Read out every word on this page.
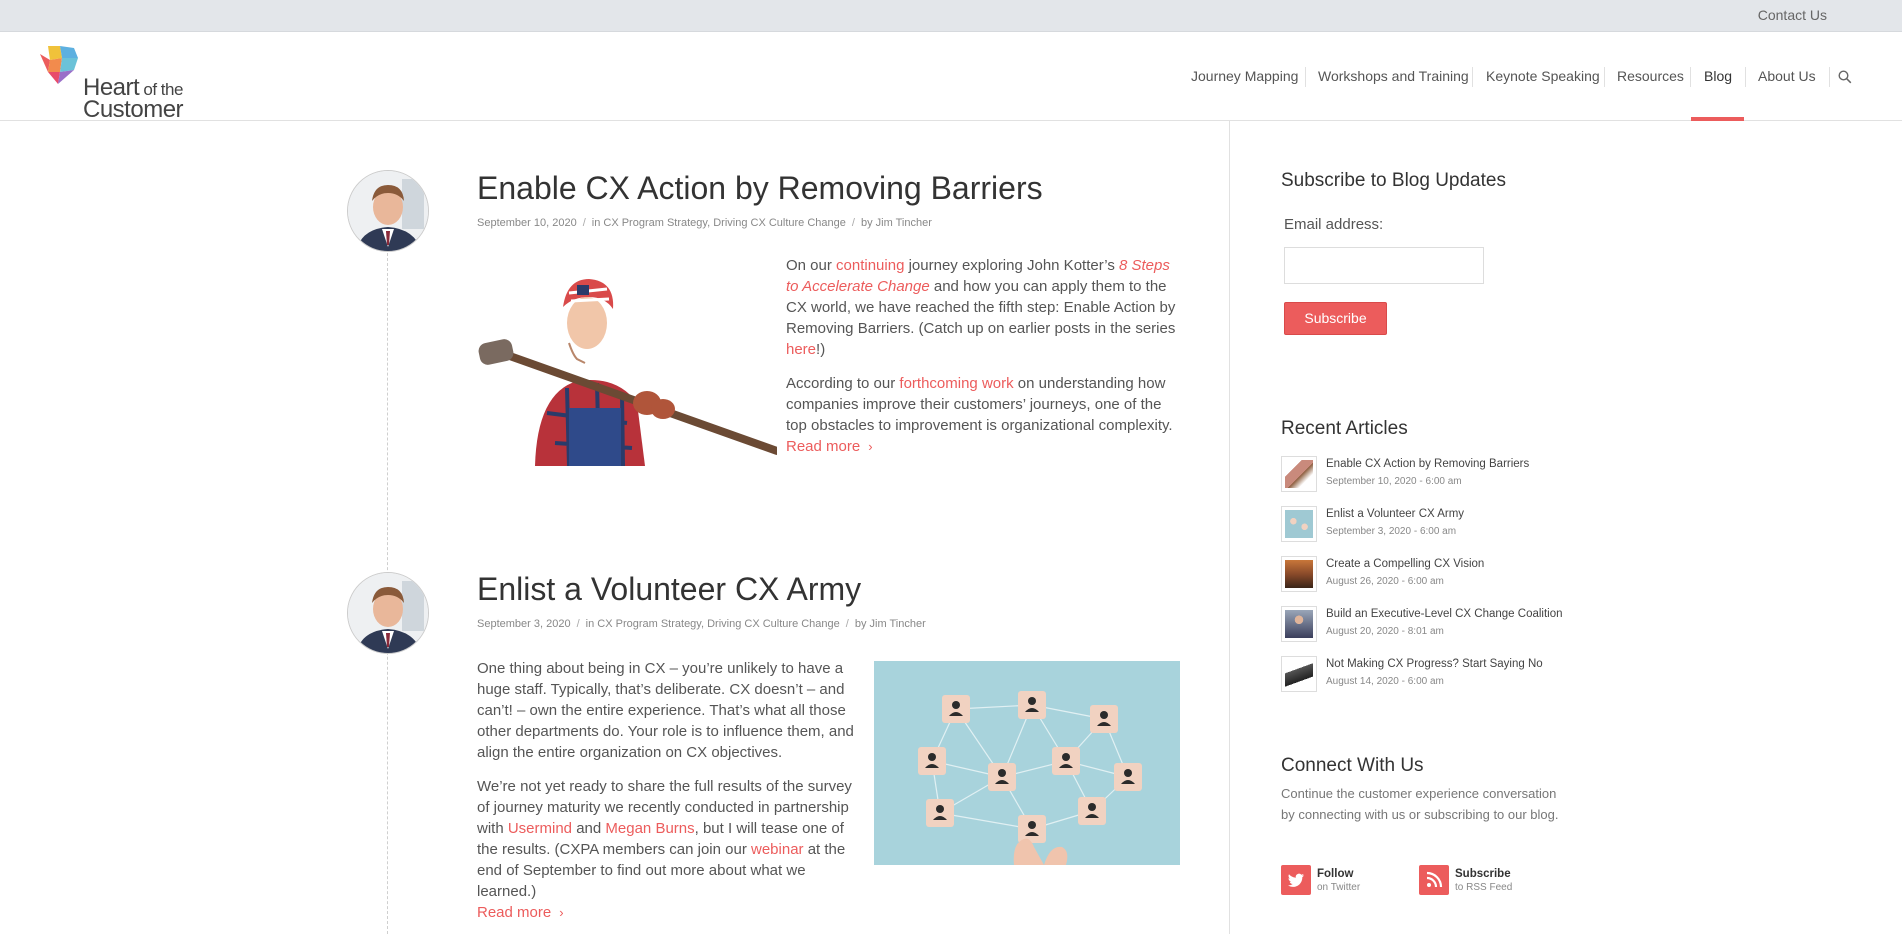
Contact Us
Heart of the
Customer
Journey Mapping Workshops and Training Keynote Speaking Resources Blog About Us
Enable CX Action by Removing Barriers
September 10, 2020 / in CX Program Strategy, Driving CX Culture Change / by Jim Tincher

On our continuing journey exploring John Kotter’s 8 Steps to Accelerate Change and how you can apply them to the CX world, we have reached the fifth step: Enable Action by Removing Barriers. (Catch up on earlier posts in the series here!)

According to our forthcoming work on understanding how companies improve their customers’ journeys, one of the top obstacles to improvement is organizational complexity.
Read more ›

Enlist a Volunteer CX Army
September 3, 2020 / in CX Program Strategy, Driving CX Culture Change / by Jim Tincher

One thing about being in CX – you’re unlikely to have a huge staff. Typically, that’s deliberate. CX doesn’t – and can’t! – own the entire experience. That’s what all those other departments do. Your role is to influence them, and align the entire organization on CX objectives.

We’re not yet ready to share the full results of the survey of journey maturity we recently conducted in partnership with Usermind and Megan Burns, but I will tease one of the results. (CXPA members can join our webinar at the end of September to find out more about what we learned.)
Read more ›

Subscribe to Blog Updates
Email address:
Subscribe
Recent Articles
Enable CX Action by Removing Barriers
September 10, 2020 - 6:00 am
Enlist a Volunteer CX Army
September 3, 2020 - 6:00 am
Create a Compelling CX Vision
August 26, 2020 - 6:00 am
Build an Executive-Level CX Change Coalition
August 20, 2020 - 8:01 am
Not Making CX Progress? Start Saying No
August 14, 2020 - 6:00 am
Connect With Us
Continue the customer experience conversation by connecting with us or subscribing to our blog.
Follow
on Twitter
Subscribe
to RSS Feed
